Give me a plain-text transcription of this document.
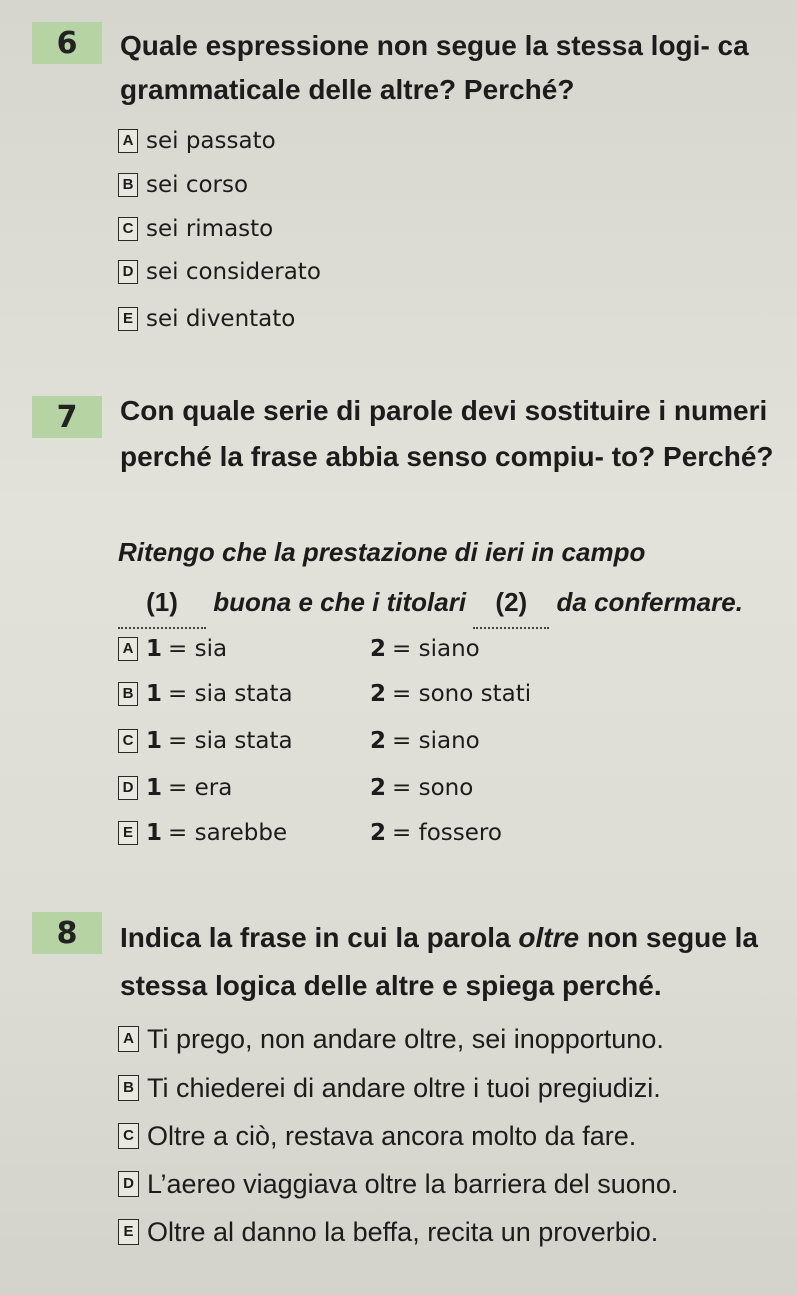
6	Quale espressione non segue la stessa logi- ca grammaticale delle altre? Perché?
A sei passato
B sei corso
C sei rimasto
D sei considerato
E sei diventato
7	Con quale serie di parole devi sostituire i numeri perché la frase abbia senso compiu- to? Perché?
Ritengo che la prestazione di ieri in campo
(1) buona e che i titolari (2) da confermare.
A 1 = sia	2 = siano
B 1 = sia stata	2 = sono stati
C 1 = sia stata	2 = siano
D 1 = era	2 = sono
E 1 = sarebbe	2 = fossero
8	Indica la frase in cui la parola oltre non segue la stessa logica delle altre e spiega perché.
A Ti prego, non andare oltre, sei inopportuno.
B Ti chiederei di andare oltre i tuoi pregiudizi.
C Oltre a ciò, restava ancora molto da fare.
D L’aereo viaggiava oltre la barriera del suono.
E Oltre al danno la beffa, recita un proverbio.
